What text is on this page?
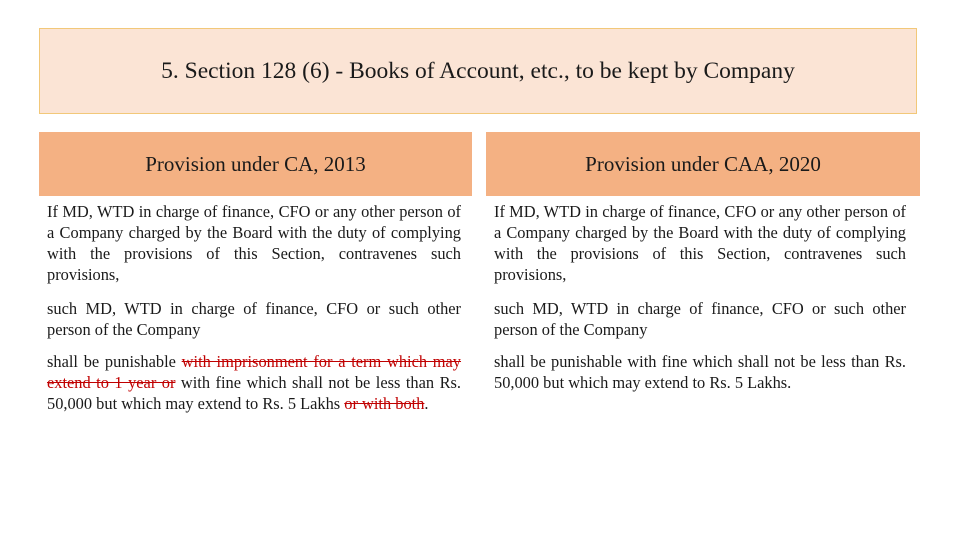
5. Section 128 (6) - Books of Account, etc., to be kept by Company
Provision under CA, 2013	Provision under CAA, 2020
If MD, WTD in charge of finance, CFO or any other person of a Company charged by the Board with the duty of complying with the provisions of this Section, contravenes such provisions,
If MD, WTD in charge of finance, CFO or any other person of a Company charged by the Board with the duty of complying with the provisions of this Section, contravenes such provisions,
such MD, WTD in charge of finance, CFO or such other person of the Company
such MD, WTD in charge of finance, CFO or such other person of the Company
shall be punishable with imprisonment for a term which may extend to 1 year or with fine which shall not be less than Rs. 50,000 but which may extend to Rs. 5 Lakhs or with both.
shall be punishable with fine which shall not be less than Rs. 50,000 but which may extend to Rs. 5 Lakhs.
